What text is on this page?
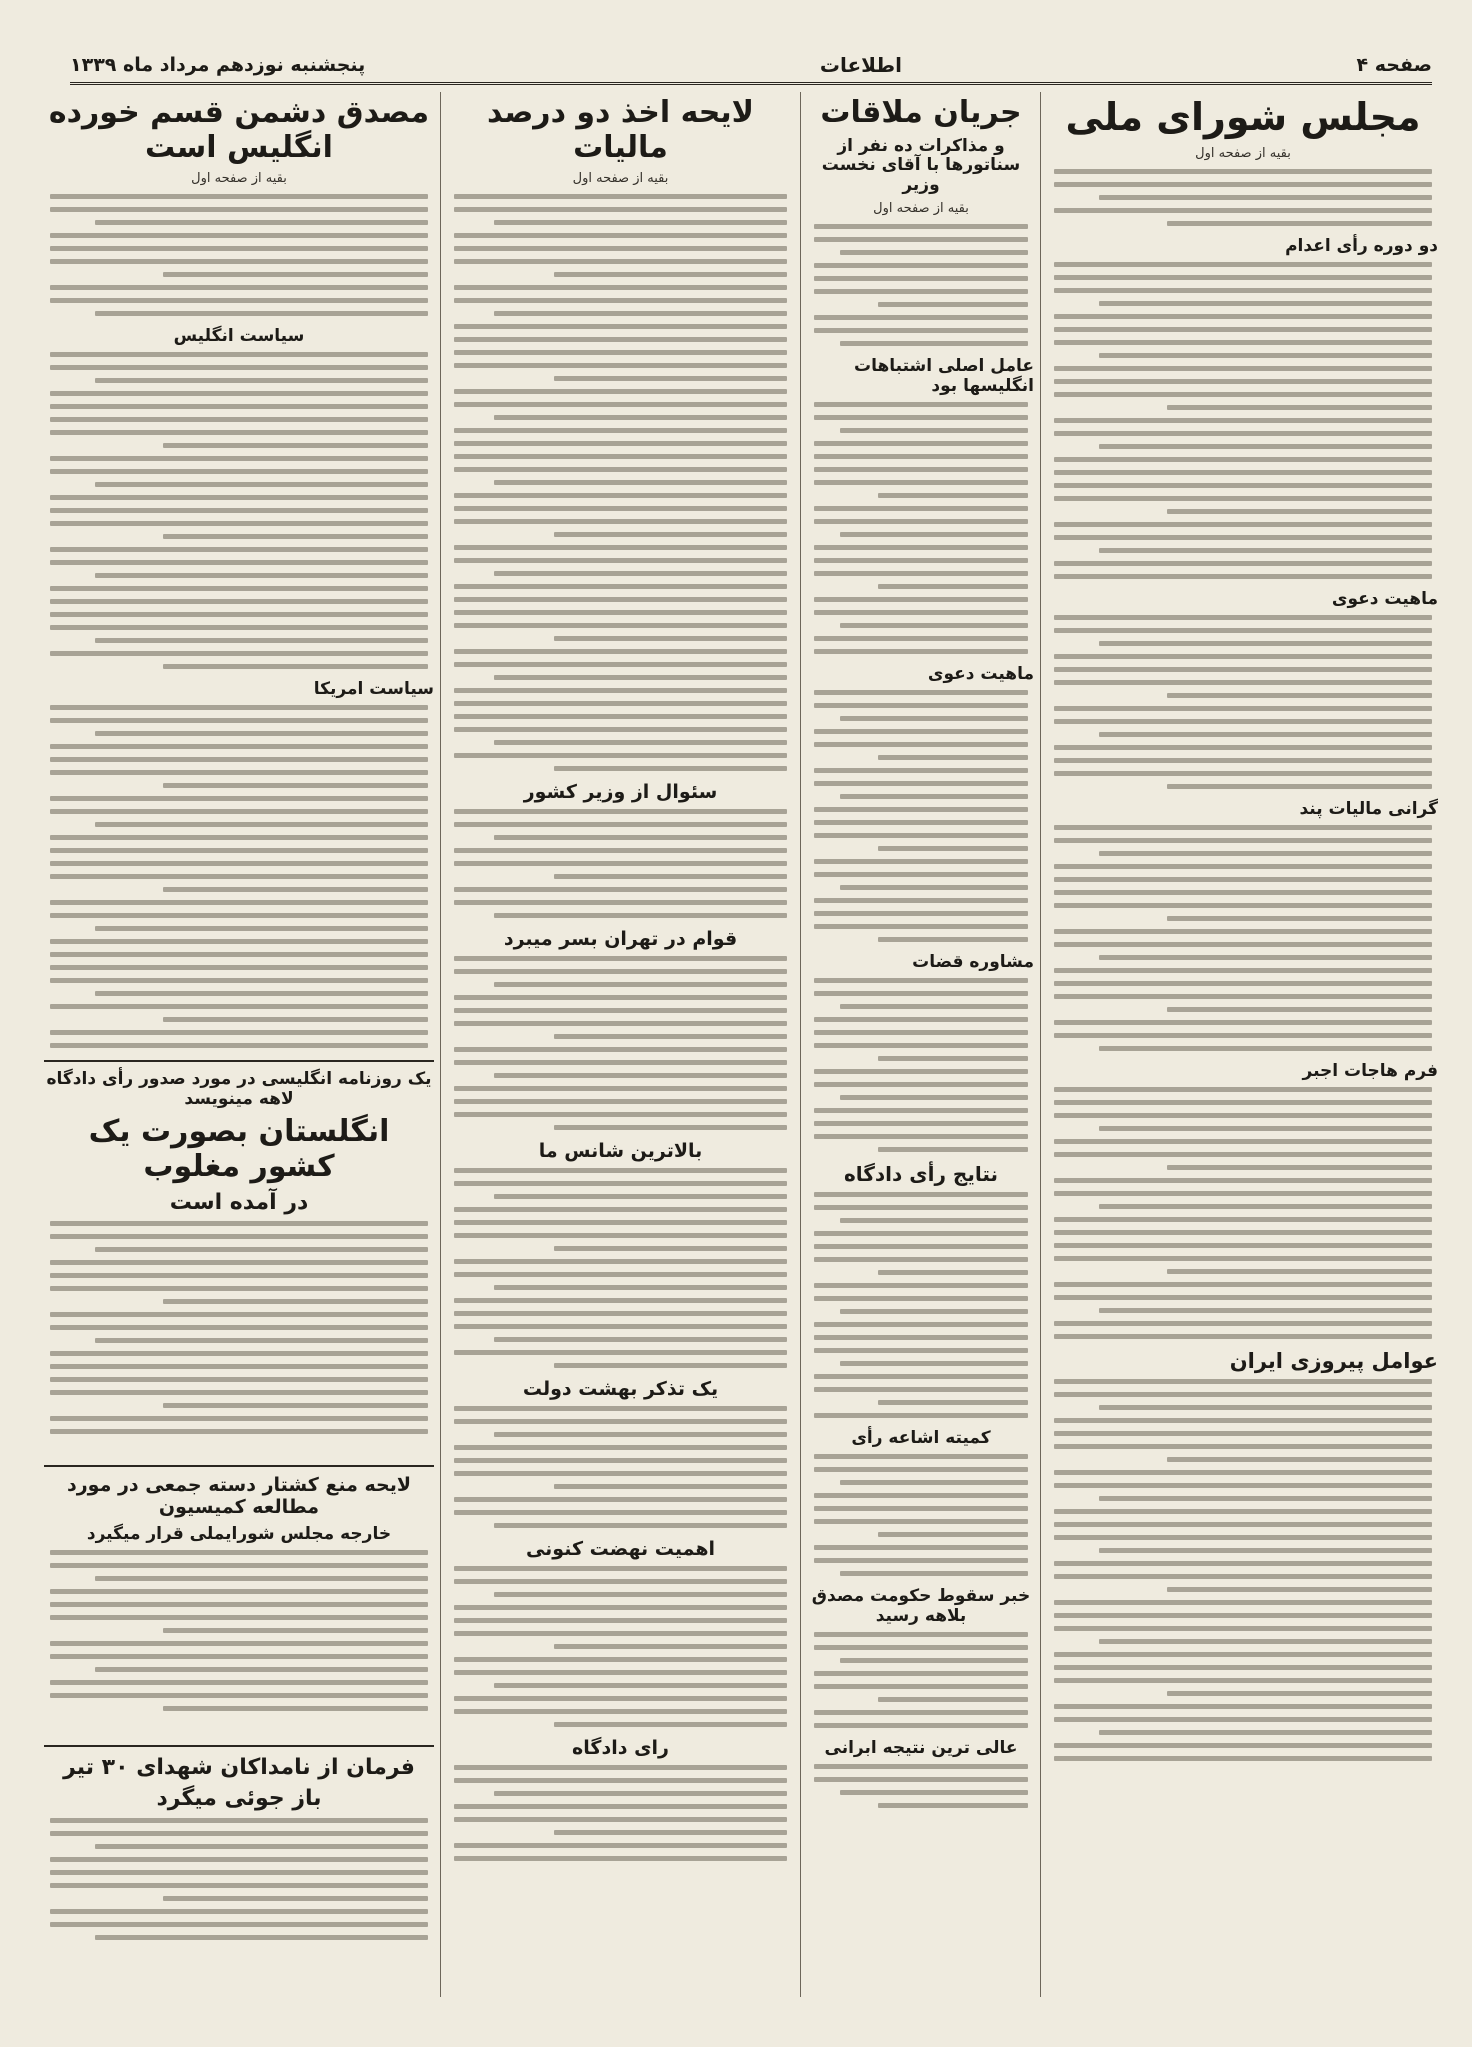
صفحه ۴
اطلاعات
پنجشنبه نوزدهم مرداد ماه ۱۳۳۹
مجلس شورای ملی
بقیه از صفحه اول
دو دوره رأی اعدام
ماهیت دعوی
گرانی مالیات پند
فرم هاجات اجبر
عوامل پیروزی ایران
جریان ملاقات
و مذاکرات ده نفر از سناتورها با آقای نخست وزیر
بقیه از صفحه اول
عامل اصلی اشتباهات انگلیسها بود
ماهیت دعوی
مشاوره قضات
نتایج رأی دادگاه
کمیته اشاعه رأی
خبر سقوط حکومت مصدق بلاهه رسید
عالی ترین نتیجه ابرانی
لایحه اخذ دو درصد مالیات
بقیه از صفحه اول
سئوال از وزیر کشور
قوام در تهران بسر میبرد
بالاترین شانس ما
یک تذکر بهشت دولت
اهمیت نهضت کنونی
رای دادگاه
مصدق دشمن قسم خورده انگلیس است
بقیه از صفحه اول
سیاست انگلیس
سیاست امریکا
یک روزنامه انگلیسی در مورد صدور رأی دادگاه لاهه مینویسد
انگلستان بصورت یک کشور مغلوب
در آمده است
لایحه منع کشتار دسته جمعی در مورد مطالعه کمیسیون
خارجه مجلس شورایملی قرار میگیرد
فرمان از نامداکان شهدای ۳۰ تیر
باز جوئی میگرد
